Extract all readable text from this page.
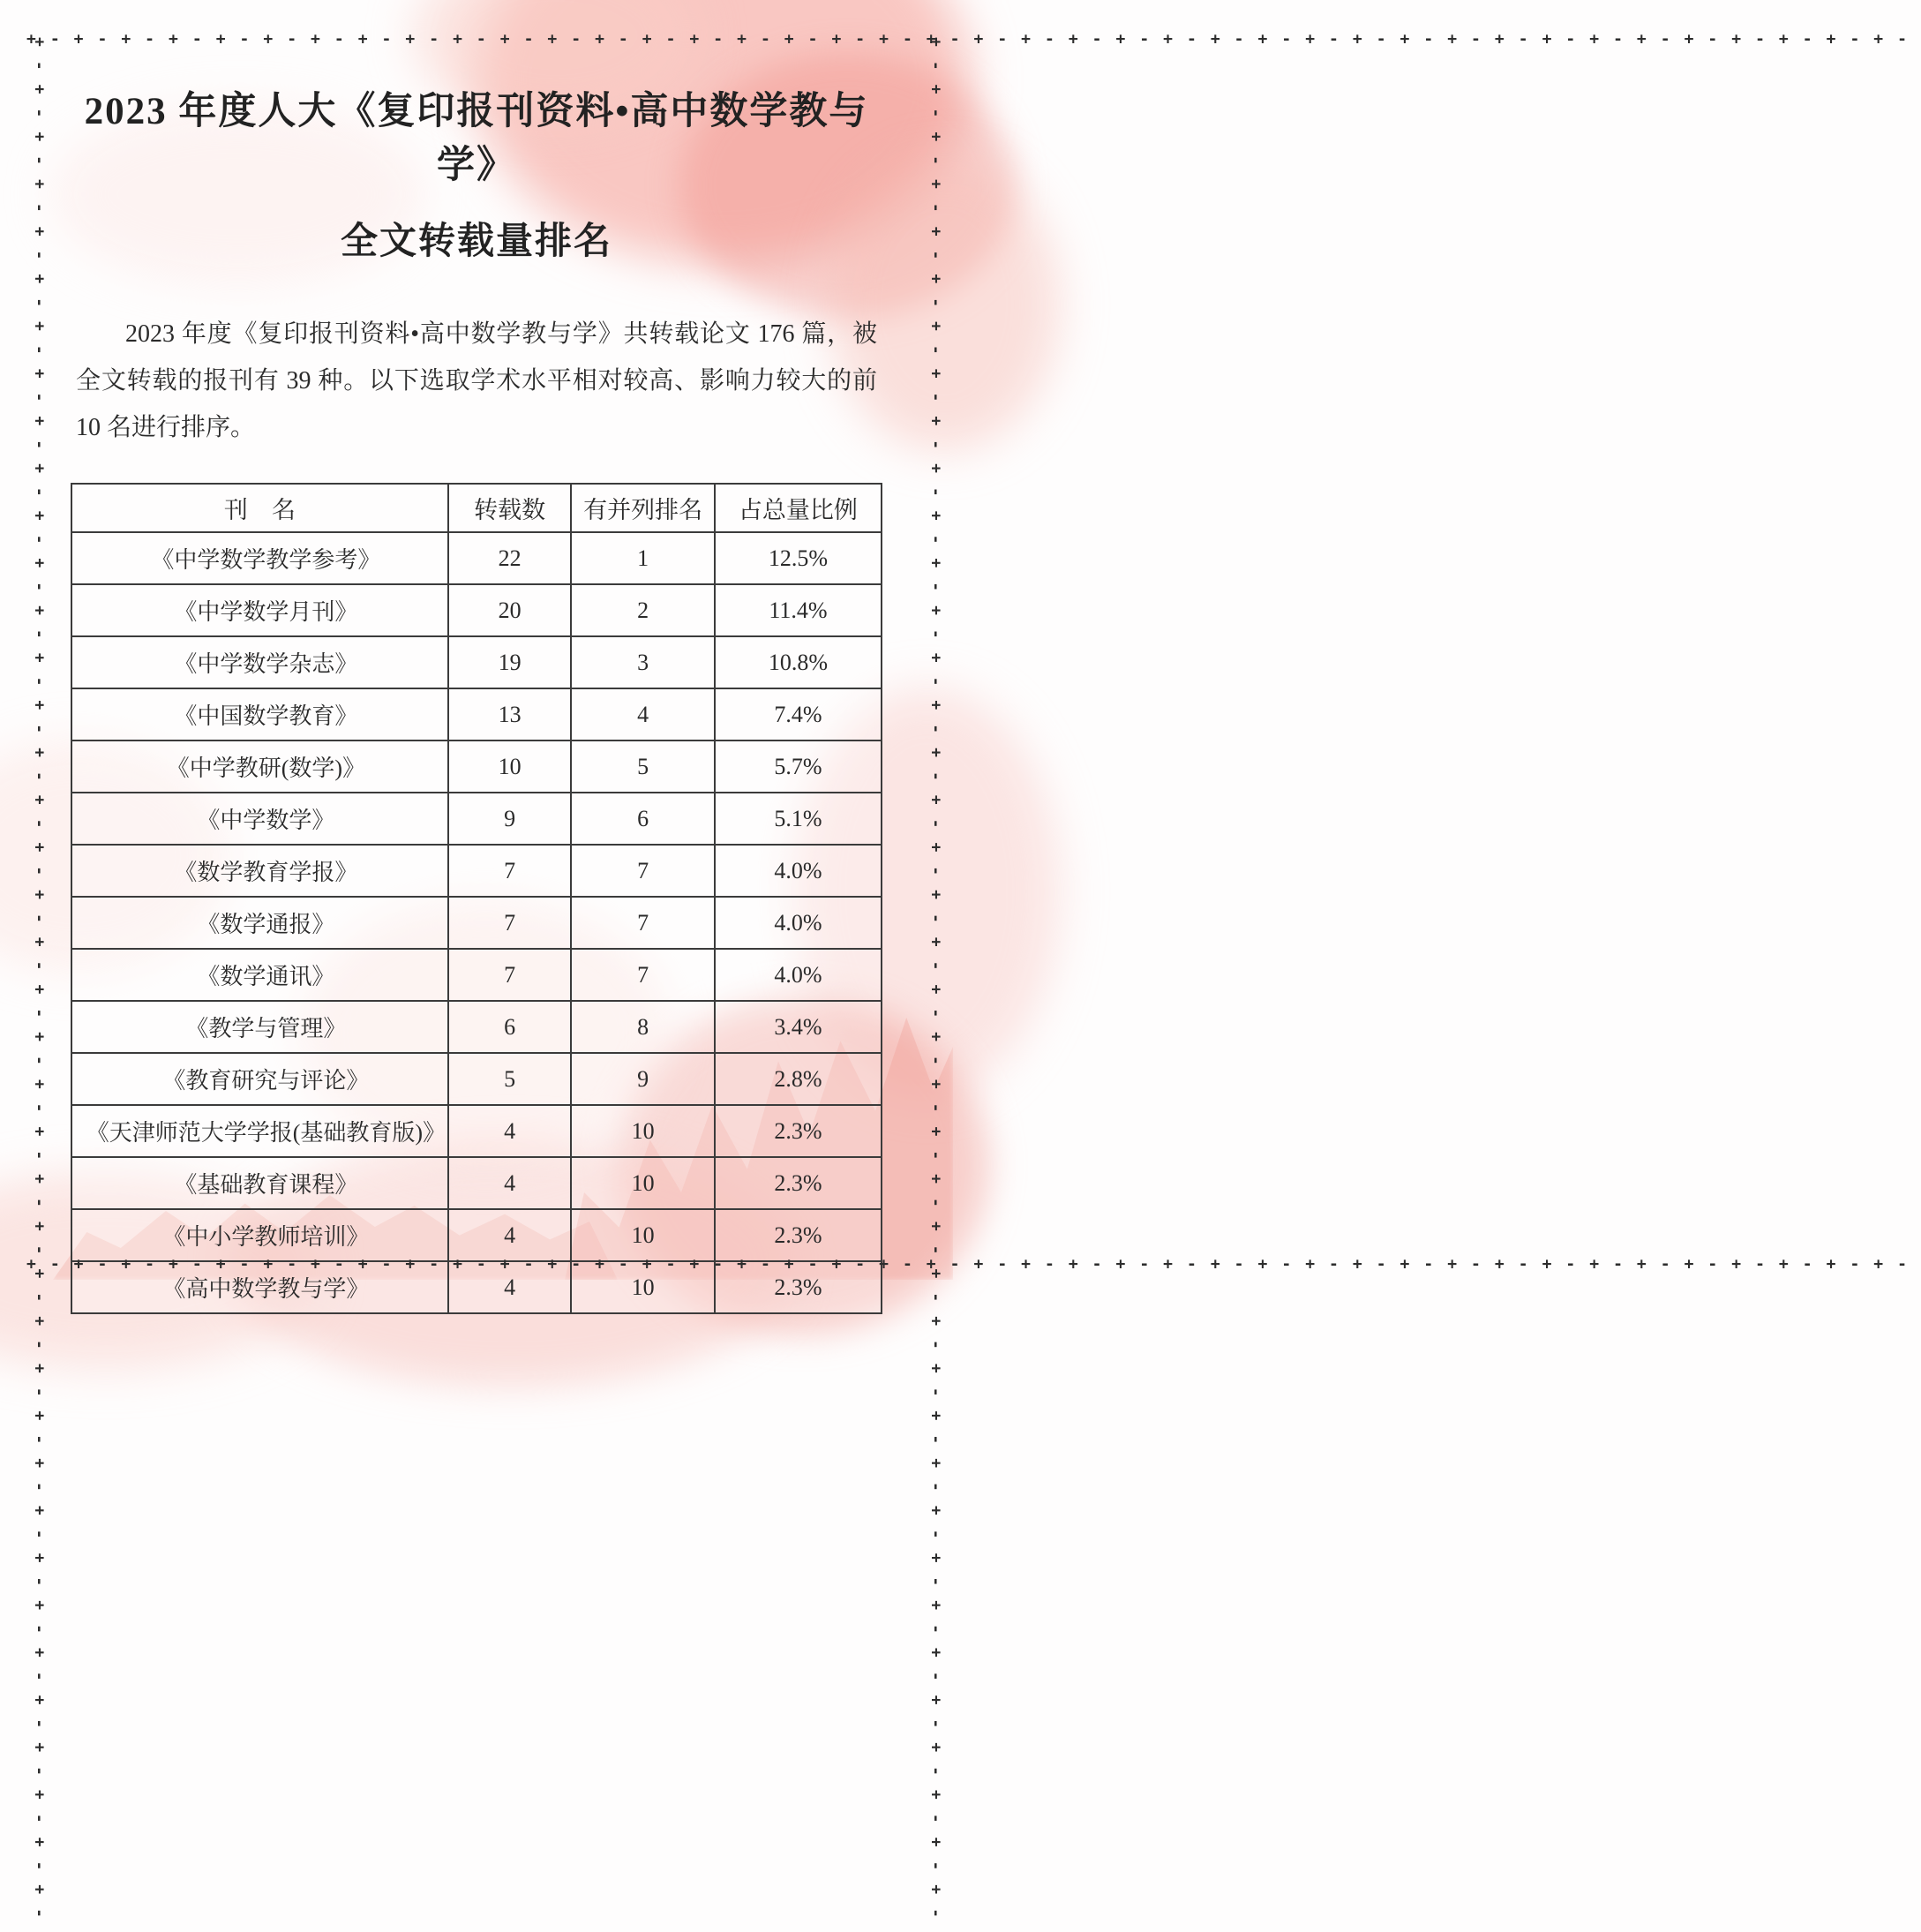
+-+-+-+-+-+-+-+-+-+-+-+-+-+-+-+-+-+-+-+-+-+-+-+-+-+-+-+-+-+-+-+-+-+-+-+-+-+-+-+-
+-+-+-+-+-+-+-+-+-+-+-+-+-+-+-+-+-+-+-+-+-+-+-+-+-+-+-+-+-+-+-+-+-+-+-+-+-+-+-+-
+-+-+-+-+-+-+-+-+-+-+-+-+-+-+-+-+-+-+-+-+-+-+-+-+-+-+-+-+-+-+-+-+-+-+-+-+-+-+-+-	+-+-+-+-+-+-+-+-+-+-+-+-+-+-+-+-+-+-+-+-+-+-+-+-+-+-+-+-+-+-+-+-+-+-+-+-+-+-+-+-
2023 年度人大《复印报刊资料•高中数学教与学》
全文转载量排名

2023 年度《复印报刊资料•高中数学教与学》共转载论文 176 篇，被全文转载的报刊有 39 种。以下选取学术水平相对较高、影响力较大的前 10 名进行排序。

刊　名	转载数	有并列排名	占总量比例
《中学数学教学参考》	22	1	12.5%
《中学数学月刊》	20	2	11.4%
《中学数学杂志》	19	3	10.8%
《中国数学教育》	13	4	7.4%
《中学教研(数学)》	10	5	5.7%
《中学数学》	9	6	5.1%
《数学教育学报》	7	7	4.0%
《数学通报》	7	7	4.0%
《数学通讯》	7	7	4.0%
《教学与管理》	6	8	3.4%
《教育研究与评论》	5	9	2.8%
《天津师范大学学报(基础教育版)》	4	10	2.3%
《基础教育课程》	4	10	2.3%
《中小学教师培训》	4	10	2.3%
《高中数学教与学》	4	10	2.3%
